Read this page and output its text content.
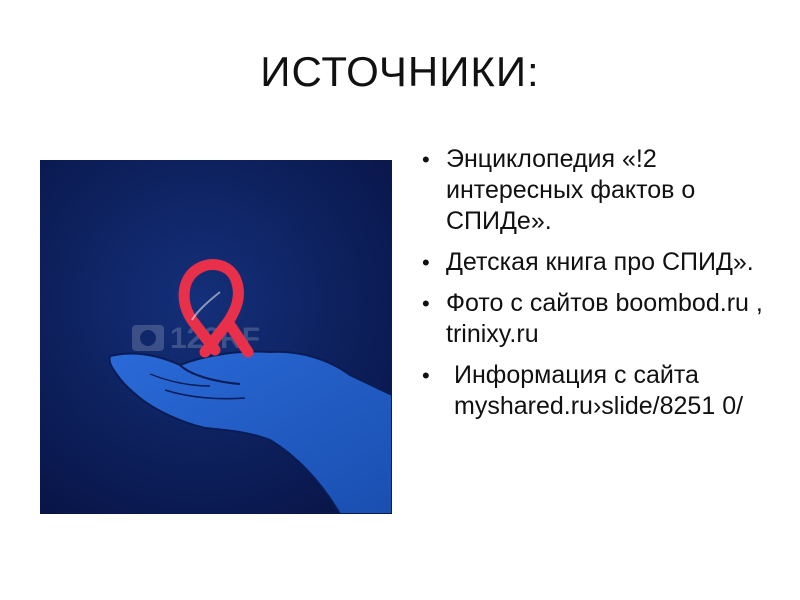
ИСТОЧНИКИ:
123RF
• Энциклопедия «!2 интересных фактов о СПИДе».
• Детская книга про СПИД».
• Фото с сайтов boombod.ru , trinixy.ru
• Информация с сайта myshared.ru›slide/8251 0/
